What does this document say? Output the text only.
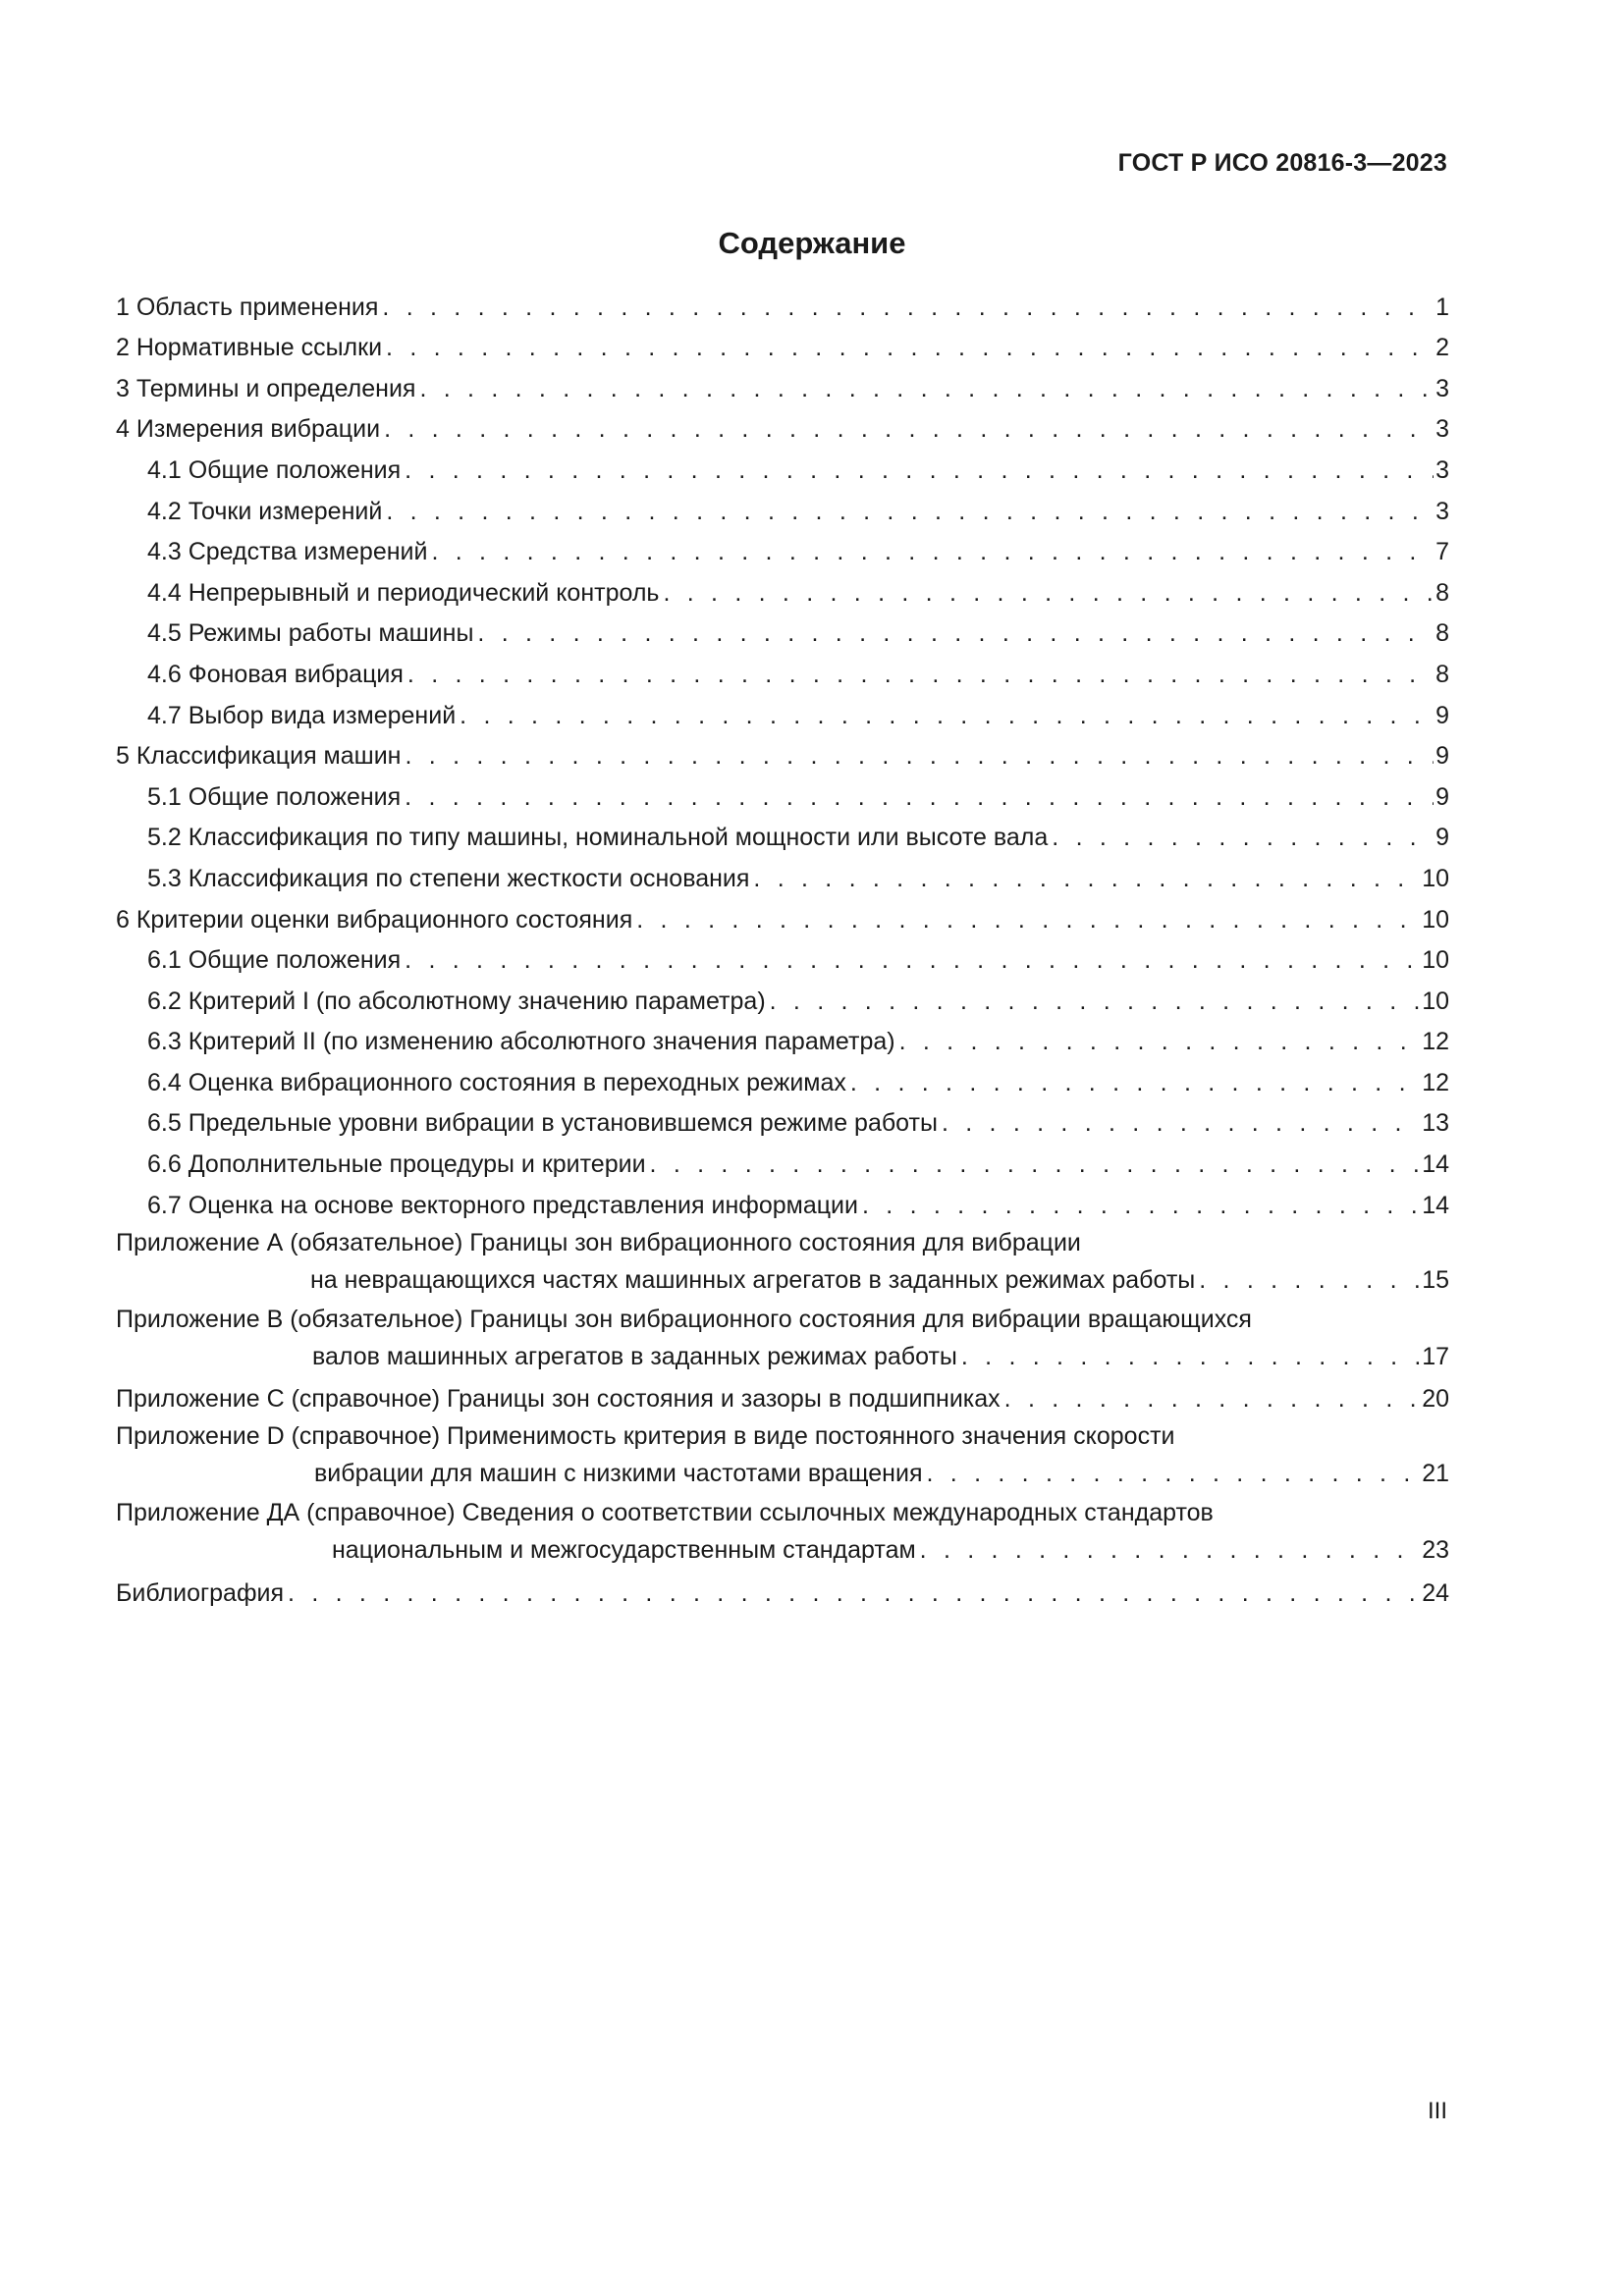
ГОСТ Р ИСО 20816-3—2023
Содержание
1 Область применения . . .	1
2 Нормативные ссылки . . .	2
3 Термины и определения . . .	3
4 Измерения вибрации . . .	3
4.1 Общие положения . . .	3
4.2 Точки измерений . . .	3
4.3 Средства измерений . . .	7
4.4 Непрерывный и периодический контроль . . .	8
4.5 Режимы работы машины . . .	8
4.6 Фоновая вибрация . . .	8
4.7 Выбор вида измерений . . .	9
5 Классификация машин . . .	9
5.1 Общие положения . . .	9
5.2 Классификация по типу машины, номинальной мощности или высоте вала . . .	9
5.3 Классификация по степени жесткости основания . . .	10
6 Критерии оценки вибрационного состояния . . .	10
6.1 Общие положения . . .	10
6.2 Критерий I (по абсолютному значению параметра) . . .	10
6.3 Критерий II (по изменению абсолютного значения параметра) . . .	12
6.4 Оценка вибрационного состояния в переходных режимах . . .	12
6.5 Предельные уровни вибрации в установившемся режиме работы . . .	13
6.6 Дополнительные процедуры и критерии . . .	14
6.7 Оценка на основе векторного представления информации . . .	14
Приложение А (обязательное) Границы зон вибрационного состояния для вибрации
на невращающихся частях машинных агрегатов в заданных режимах работы . . .	15
Приложение В (обязательное) Границы зон вибрационного состояния для вибрации вращающихся
валов машинных агрегатов в заданных режимах работы . . .	17
Приложение С (справочное) Границы зон состояния и зазоры в подшипниках . . .	20
Приложение D (справочное) Применимость критерия в виде постоянного значения скорости
вибрации для машин с низкими частотами вращения . . .	21
Приложение ДА (справочное) Сведения о соответствии ссылочных международных стандартов
национальным и межгосударственным стандартам . . .	23
Библиография . . .	24
III
